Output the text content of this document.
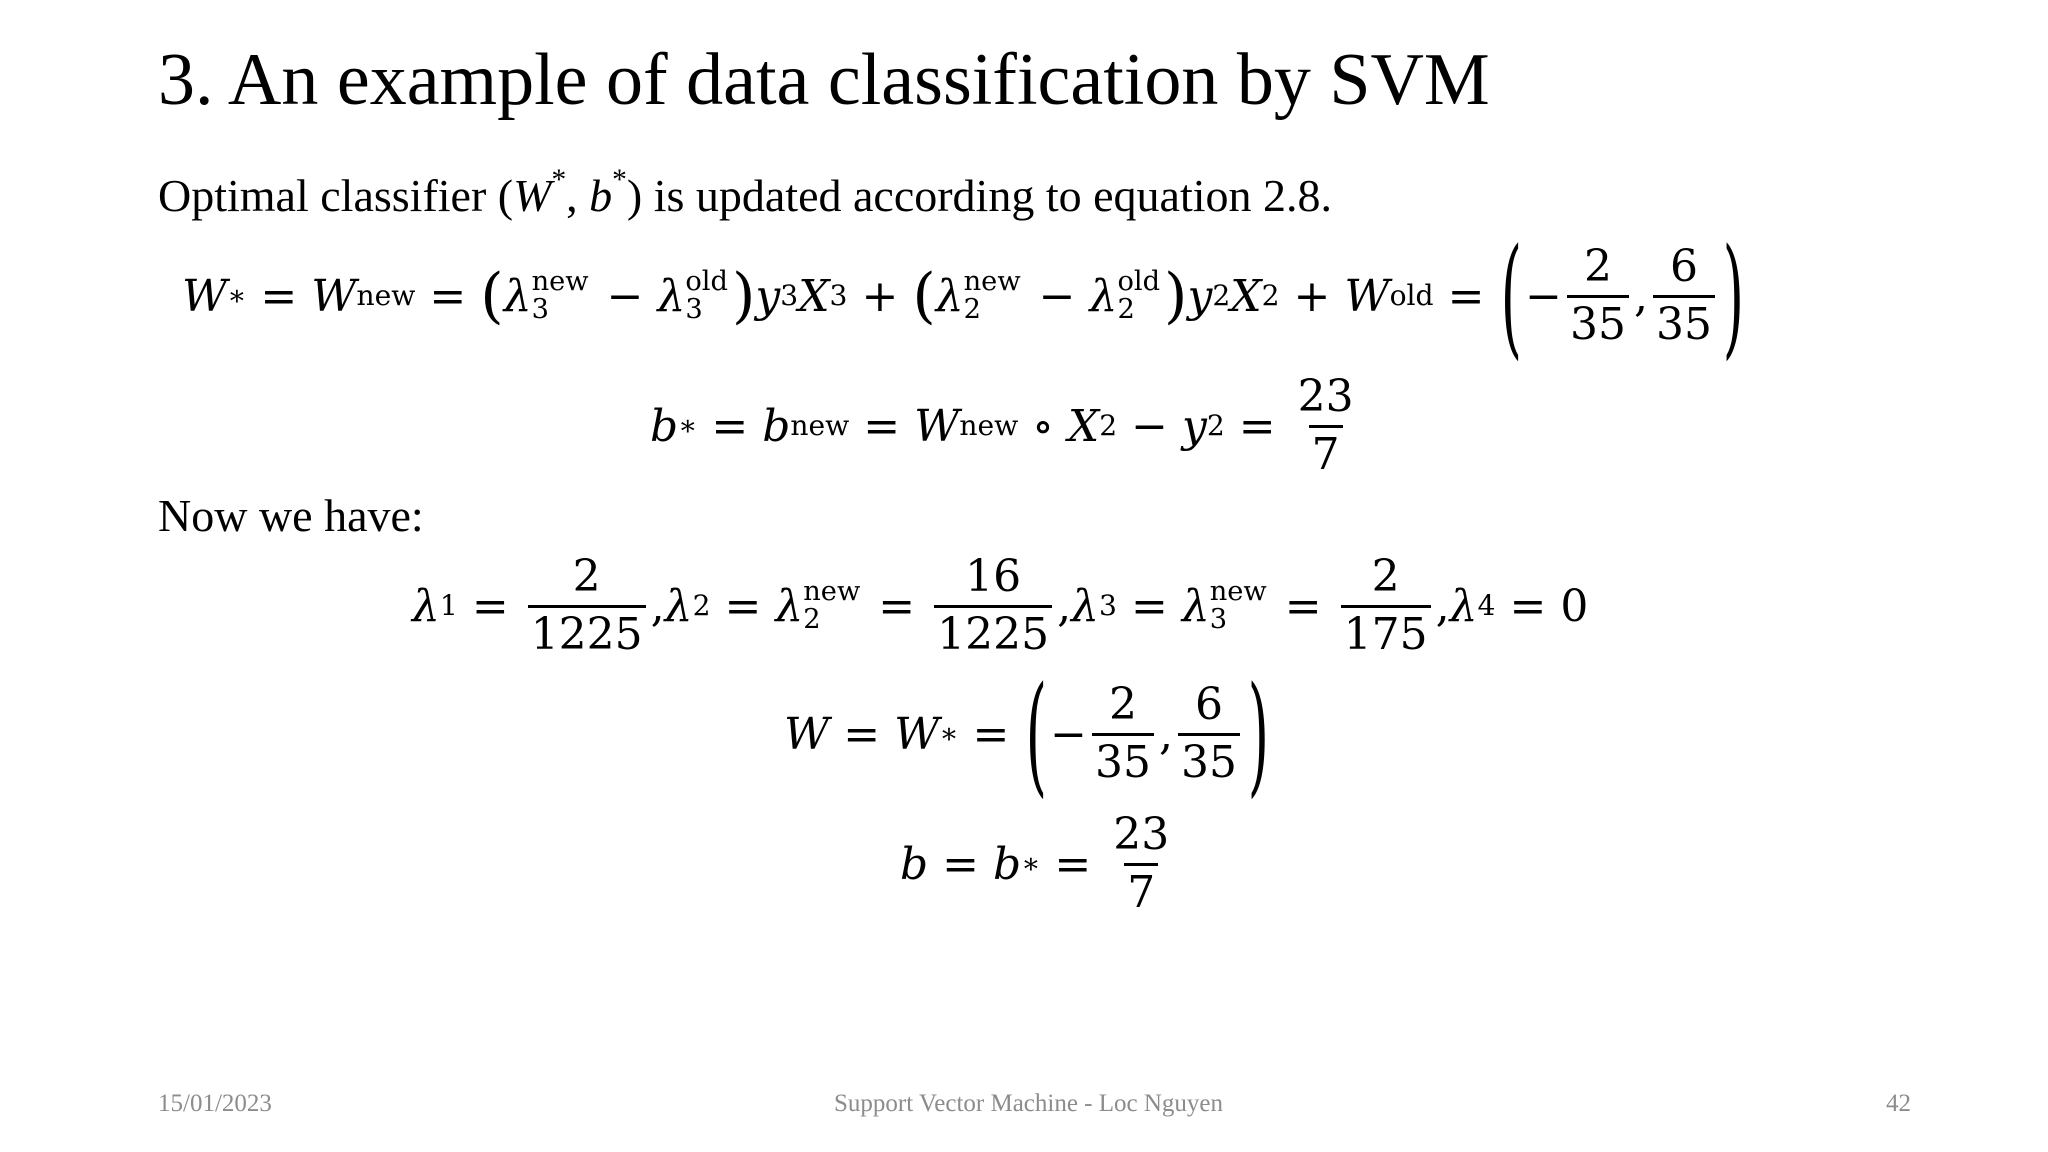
3. An example of data classification by SVM
Optimal classifier (W*, b*) is updated according to equation 2.8.
W ∗ = W new = ( λ new
3	− λ old
3 ) y 3 X 3 + ( λ new
2	− λ old
2 ) y 2 X 2 + W old = ( − $\frac{2}{35}$ , $\frac{6}{35}$ )
b ∗ = b new = W new ∘ X 2 − y $2 = \frac{23}{7}$
Now we have:
λ $1 = \frac{2}{1225}$ , λ 2 = λ new
2	= $\frac{16}{1225}$ , λ 3 = λ new
3	= $\frac{2}{175}$ , λ 4 = 0
W = W ∗ = ( − $\frac{2}{35}$ , $\frac{6}{35}$ )
b = b ∗ = $\frac{23}{7}$
15/01/2023	Support Vector Machine - Loc Nguyen	42
